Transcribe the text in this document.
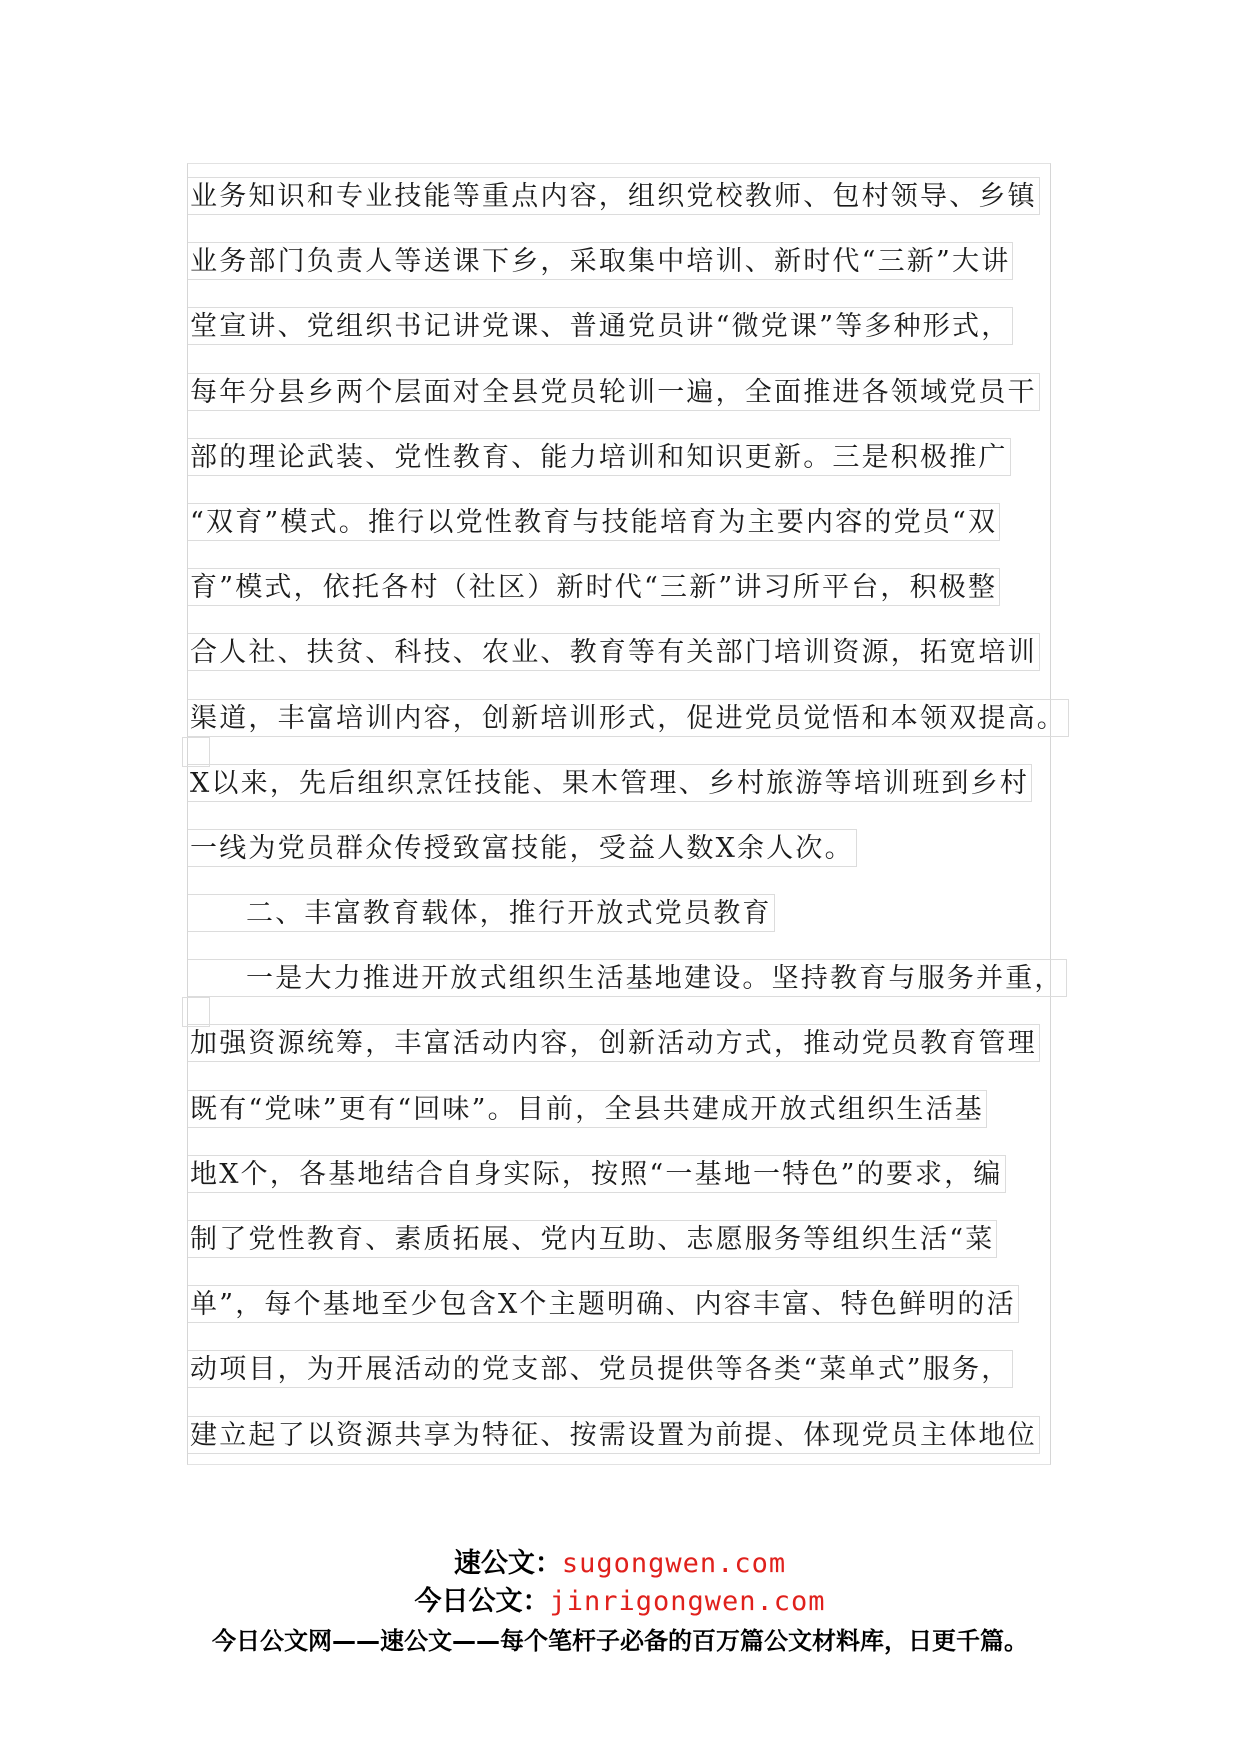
业务知识和专业技能等重点内容，组织党校教师、包村领导、乡镇
业务部门负责人等送课下乡，采取集中培训、新时代“三新”大讲
堂宣讲、党组织书记讲党课、普通党员讲“微党课”等多种形式，
每年分县乡两个层面对全县党员轮训一遍，全面推进各领域党员干
部的理论武装、党性教育、能力培训和知识更新。三是积极推广
“双育”模式。推行以党性教育与技能培育为主要内容的党员“双
育”模式，依托各村（社区）新时代“三新”讲习所平台，积极整
合人社、扶贫、科技、农业、教育等有关部门培训资源，拓宽培训
渠道，丰富培训内容，创新培训形式，促进党员觉悟和本领双提高。
X以来，先后组织烹饪技能、果木管理、乡村旅游等培训班到乡村
一线为党员群众传授致富技能，受益人数X余人次。
二、丰富教育载体，推行开放式党员教育
一是大力推进开放式组织生活基地建设。坚持教育与服务并重，
加强资源统筹，丰富活动内容，创新活动方式，推动党员教育管理
既有“党味”更有“回味”。目前，全县共建成开放式组织生活基
地X个，各基地结合自身实际，按照“一基地一特色”的要求，编
制了党性教育、素质拓展、党内互助、志愿服务等组织生活“菜
单”，每个基地至少包含X个主题明确、内容丰富、特色鲜明的活
动项目，为开展活动的党支部、党员提供等各类“菜单式”服务，
建立起了以资源共享为特征、按需设置为前提、体现党员主体地位
速公文：sugongwen.com
今日公文：jinrigongwen.com
今日公文网——速公文——每个笔杆子必备的百万篇公文材料库，日更千篇。
